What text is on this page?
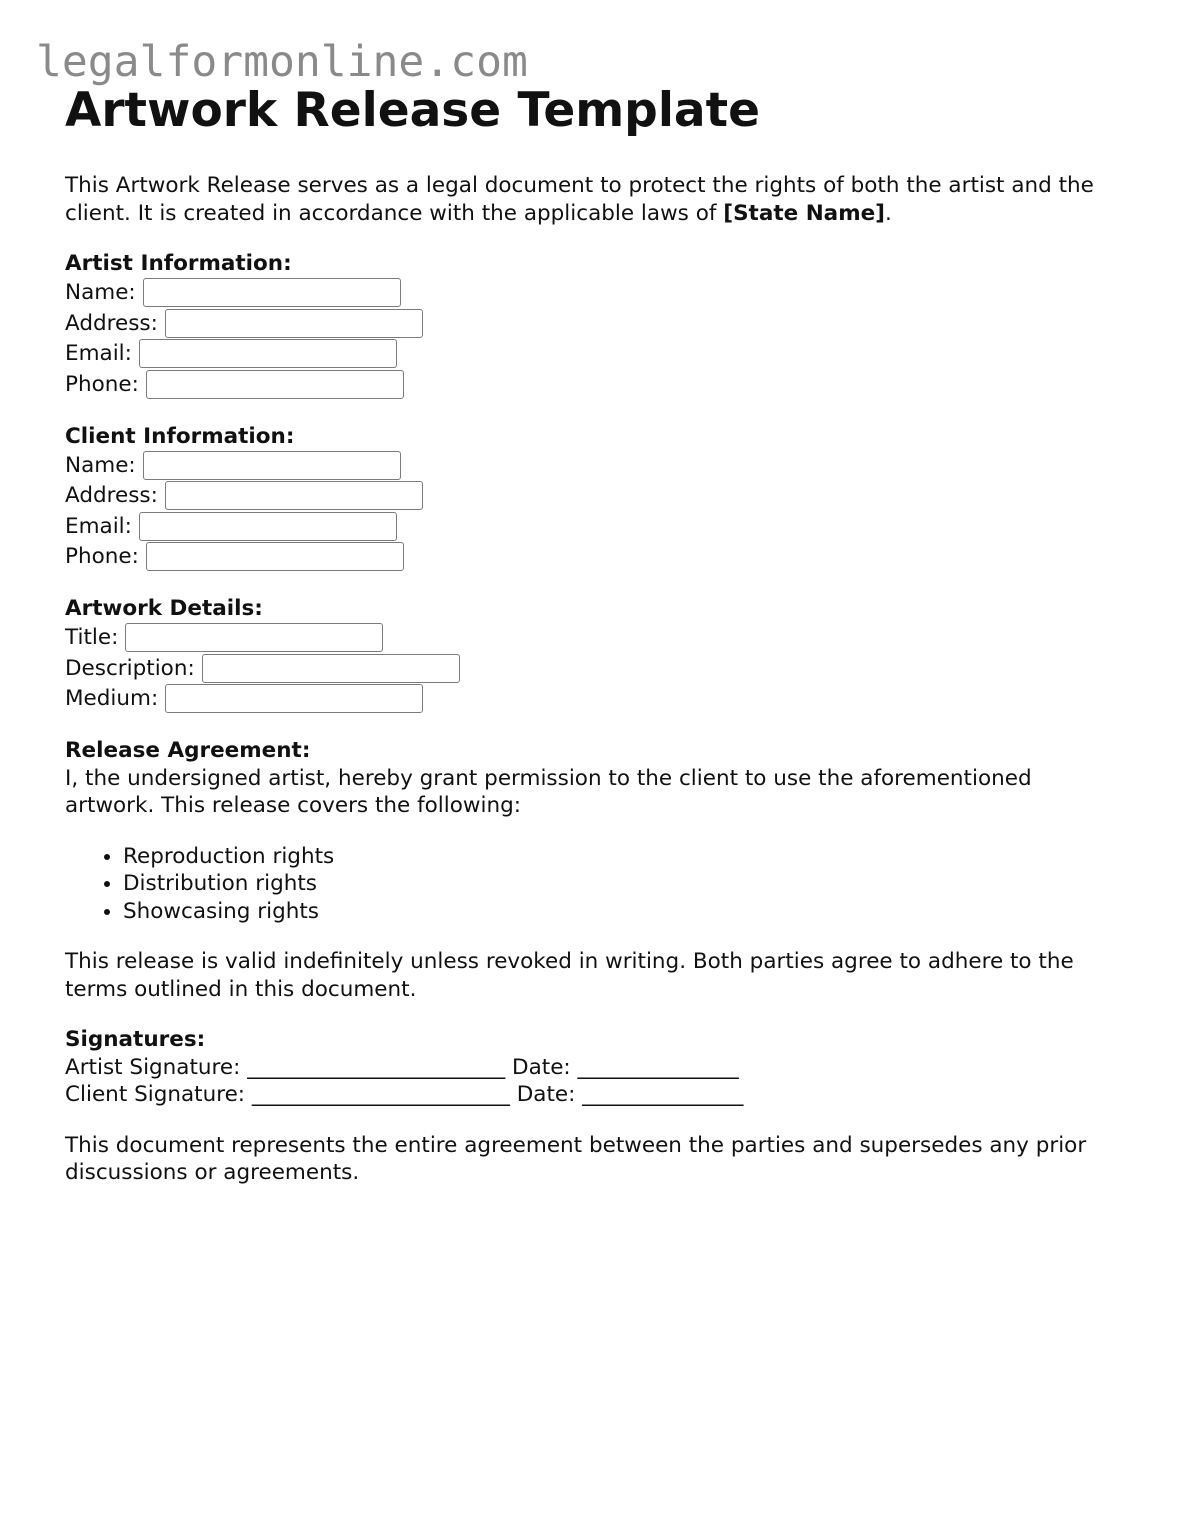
legalformonline.com
Artwork Release Template

This Artwork Release serves as a legal document to protect the rights of both the artist and the client. It is created in accordance with the applicable laws of [State Name].

Artist Information:
Name:
Address:
Email:
Phone:
Client Information:
Name:
Address:
Email:
Phone:
Artwork Details:
Title:
Description:
Medium:
Release Agreement:

I, the undersigned artist, hereby grant permission to the client to use the aforementioned artwork. This release covers the following:

• Reproduction rights
• Distribution rights
• Showcasing rights

This release is valid indefinitely unless revoked in writing. Both parties agree to adhere to the terms outlined in this document.

Signatures:
Artist Signature: ________________________ Date: _______________
Client Signature: ________________________ Date: _______________

This document represents the entire agreement between the parties and supersedes any prior discussions or agreements.
